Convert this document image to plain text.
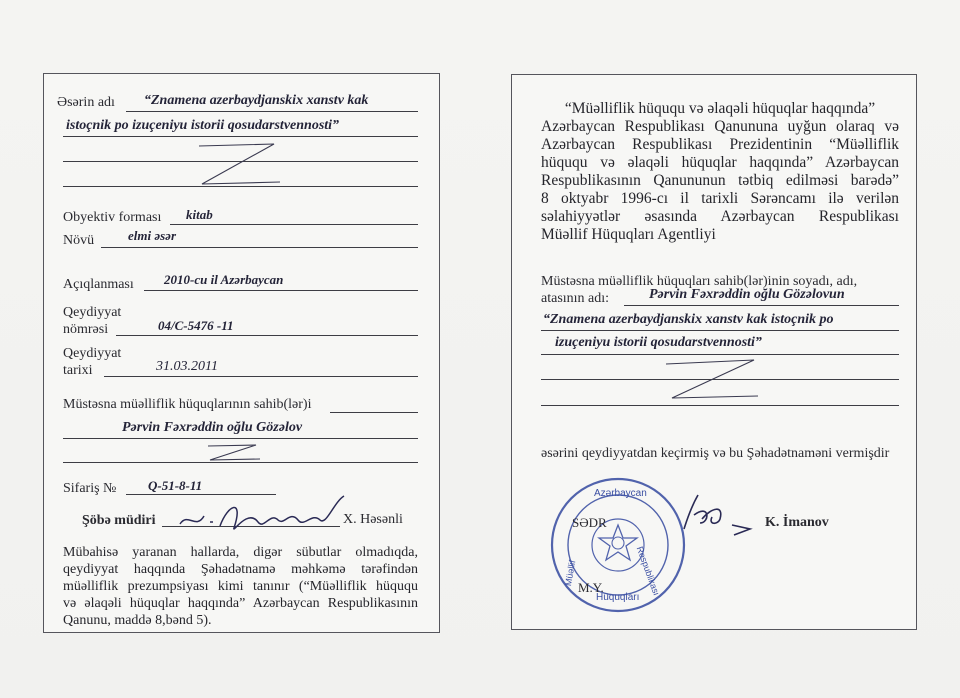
Əsərin adı “Znamena azerbaydjanskix xanstv kak
istoçnik po izuçeniyu istorii qosudarstvennosti”
Obyektiv forması kitab
Növü	elmi əsər
Açıqlanması 2010-cu il Azərbaycan
Qeydiyyat
nömrəsi	04/C-5476 -11
Qeydiyyat
tarixi	31.03.2011
Müstəsna müəlliflik hüquqlarının sahib(lər)i
Pərvin Fəxrəddin oğlu Gözəlov
Sifariş № Q-51-8-11
Şöbə müdiri	X. Həsənli
Mübahisə yaranan hallarda, digər sübutlar olmadıqda,
qeydiyyat haqqında Şəhadətnamə məhkəmə tərəfindən
müəlliflik prezumpsiyası kimi tanınır (“Müəlliflik hüququ
və əlaqəli hüquqlar haqqında” Azərbaycan Respublikasının
Qanunu, maddə 8,bənd 5).
“Müəlliflik hüququ və əlaqəli hüquqlar haqqında”
Azərbaycan Respublikası Qanununa uyğun olaraq və
Azərbaycan Respublikası Prezidentinin “Müəlliflik
hüququ və əlaqəli hüquqlar haqqında” Azərbaycan
Respublikasının Qanununun tətbiq edilməsi barədə”
8 oktyabr 1996-cı il tarixli Sərəncamı ilə verilən
səlahiyyətlər əsasında Azərbaycan Respublikası
Müəllif Hüquqları Agentliyi
Müstəsna müəlliflik hüquqları sahib(lər)inin soyadı, adı,
atasının adı:	Pərvin Fəxrəddin oğlu Gözəlovun
“Znamena azerbaydjanskix xanstv kak istoçnik po
izuçeniyu istorii qosudarstvennosti”
əsərini qeydiyyatdan keçirmiş və bu Şəhadətnaməni vermişdir
Azərbaycan
Respublikası
Müəllif
Hüquqları
SƏDR
M.Y.
K. İmanov
